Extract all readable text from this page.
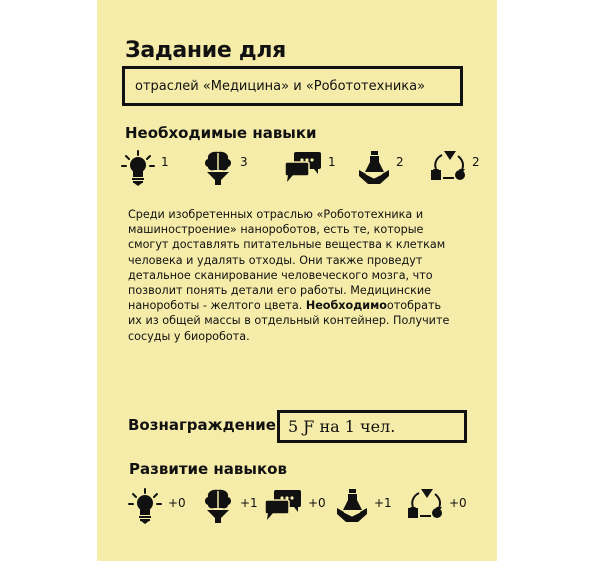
Задание для
отраслей «Медицина» и «Робототехника»
Необходимые навыки
1	3	1	2	2
Среди изобретенных отраслью «Робототехника и машиностроение» нанороботов, есть те, которые смогут доставлять питательные вещества к клеткам человека и удалять отходы. Они также проведут детальное сканирование человеческого мозга, что позволит понять детали его работы. Медицинские нанороботы - желтого цвета. Необходимоотобрать их из общей массы в отдельный контейнер. Получите сосуды у биоробота.
Вознаграждение 5 Ƒ на 1 чел.
Развитие навыков
+0	+1	+0	+1	+0
